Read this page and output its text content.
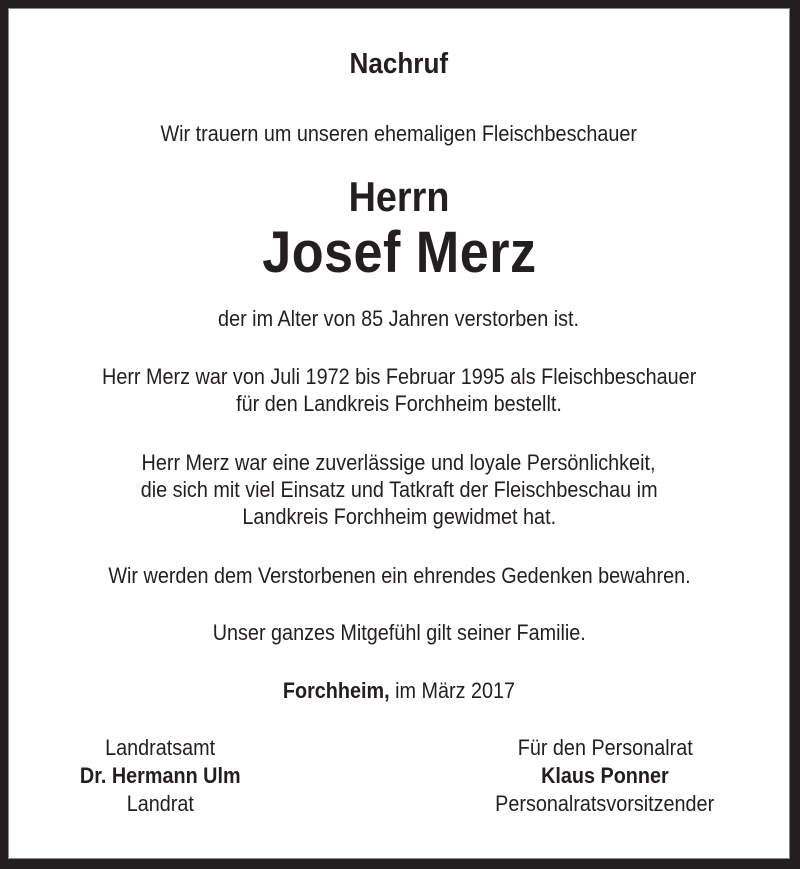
Nachruf
Wir trauern um unseren ehemaligen Fleischbeschauer
Herrn
Josef Merz
der im Alter von 85 Jahren verstorben ist.
Herr Merz war von Juli 1972 bis Februar 1995 als Fleischbeschauer
für den Landkreis Forchheim bestellt.
Herr Merz war eine zuverlässige und loyale Persönlichkeit,
die sich mit viel Einsatz und Tatkraft der Fleischbeschau im
Landkreis Forchheim gewidmet hat.
Wir werden dem Verstorbenen ein ehrendes Gedenken bewahren.
Unser ganzes Mitgefühl gilt seiner Familie.
Forchheim, im März 2017
Landratsamt
Dr. Hermann Ulm
Landrat
Für den Personalrat
Klaus Ponner
Personalratsvorsitzender
